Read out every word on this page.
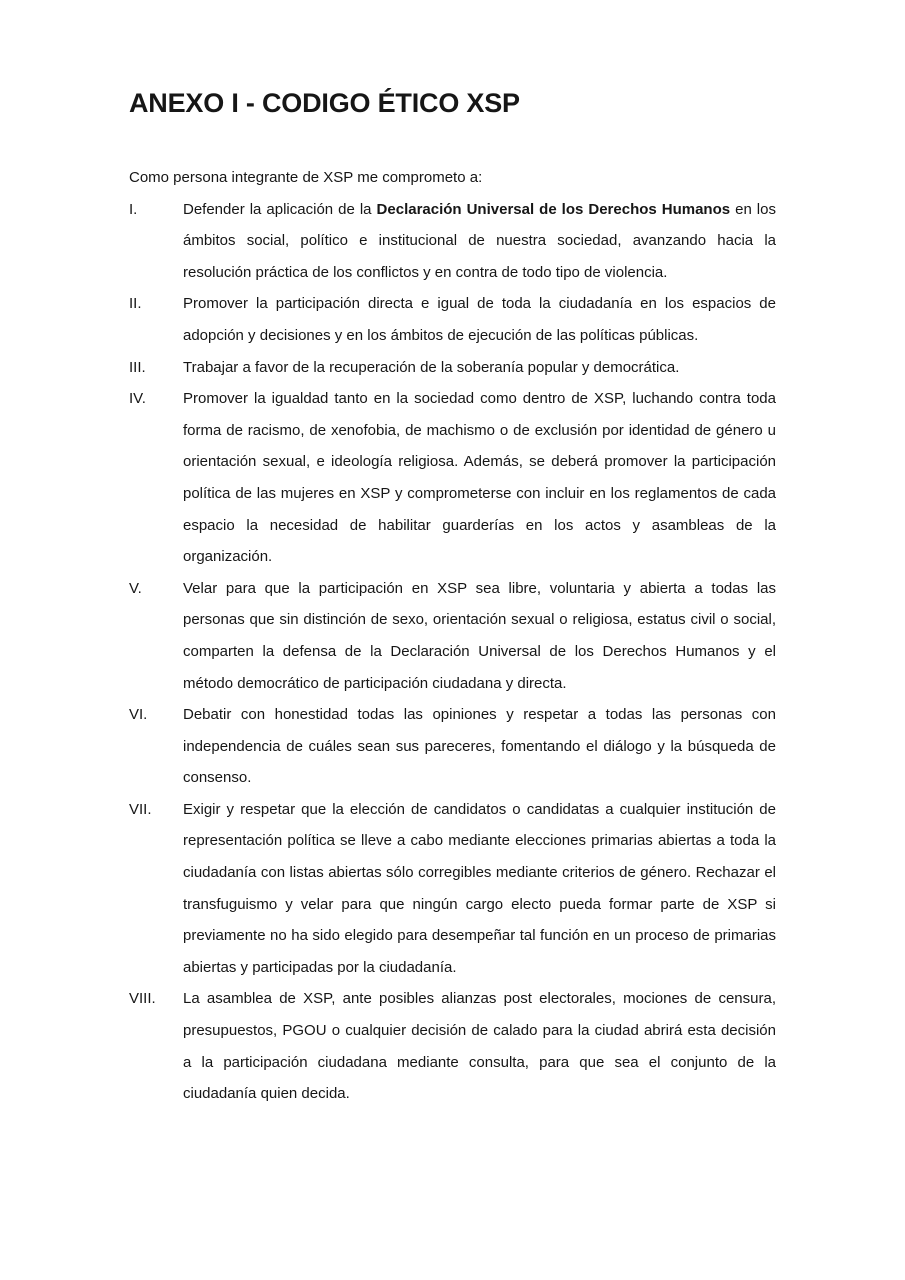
ANEXO I - CODIGO ÉTICO XSP

Como persona integrante de XSP me comprometo a:

I.	Defender la aplicación de la Declaración Universal de los Derechos Humanos en los ámbitos social, político e institucional de nuestra sociedad, avanzando hacia la resolución práctica de los conflictos y en contra de todo tipo de violencia.

II.	Promover la participación directa e igual de toda la ciudadanía en los espacios de adopción y decisiones y en los ámbitos de ejecución de las políticas públicas.

III. Trabajar a favor de la recuperación de la soberanía popular y democrática.

IV. Promover la igualdad tanto en la sociedad como dentro de XSP, luchando contra toda forma de racismo, de xenofobia, de machismo o de exclusión por identidad de género u orientación sexual, e ideología religiosa. Además, se deberá promover la participación política de las mujeres en XSP y comprometerse con incluir en los reglamentos de cada espacio la necesidad de habilitar guarderías en los actos y asambleas de la organización.

V.	Velar para que la participación en XSP sea libre, voluntaria y abierta a todas las personas que sin distinción de sexo, orientación sexual o religiosa, estatus civil o social, comparten la defensa de la Declaración Universal de los Derechos Humanos y el método democrático de participación ciudadana y directa.

VI. Debatir con honestidad todas las opiniones y respetar a todas las personas con independencia de cuáles sean sus pareceres, fomentando el diálogo y la búsqueda de consenso.

VII. Exigir y respetar que la elección de candidatos o candidatas a cualquier institución de representación política se lleve a cabo mediante elecciones primarias abiertas a toda la ciudadanía con listas abiertas sólo corregibles mediante criterios de género. Rechazar el transfuguismo y velar para que ningún cargo electo pueda formar parte de XSP si previamente no ha sido elegido para desempeñar tal función en un proceso de primarias abiertas y participadas por la ciudadanía.

VIII. La asamblea de XSP, ante posibles alianzas post electorales, mociones de censura, presupuestos, PGOU o cualquier decisión de calado para la ciudad abrirá esta decisión a la participación ciudadana mediante consulta, para que sea el conjunto de la ciudadanía quien decida.
